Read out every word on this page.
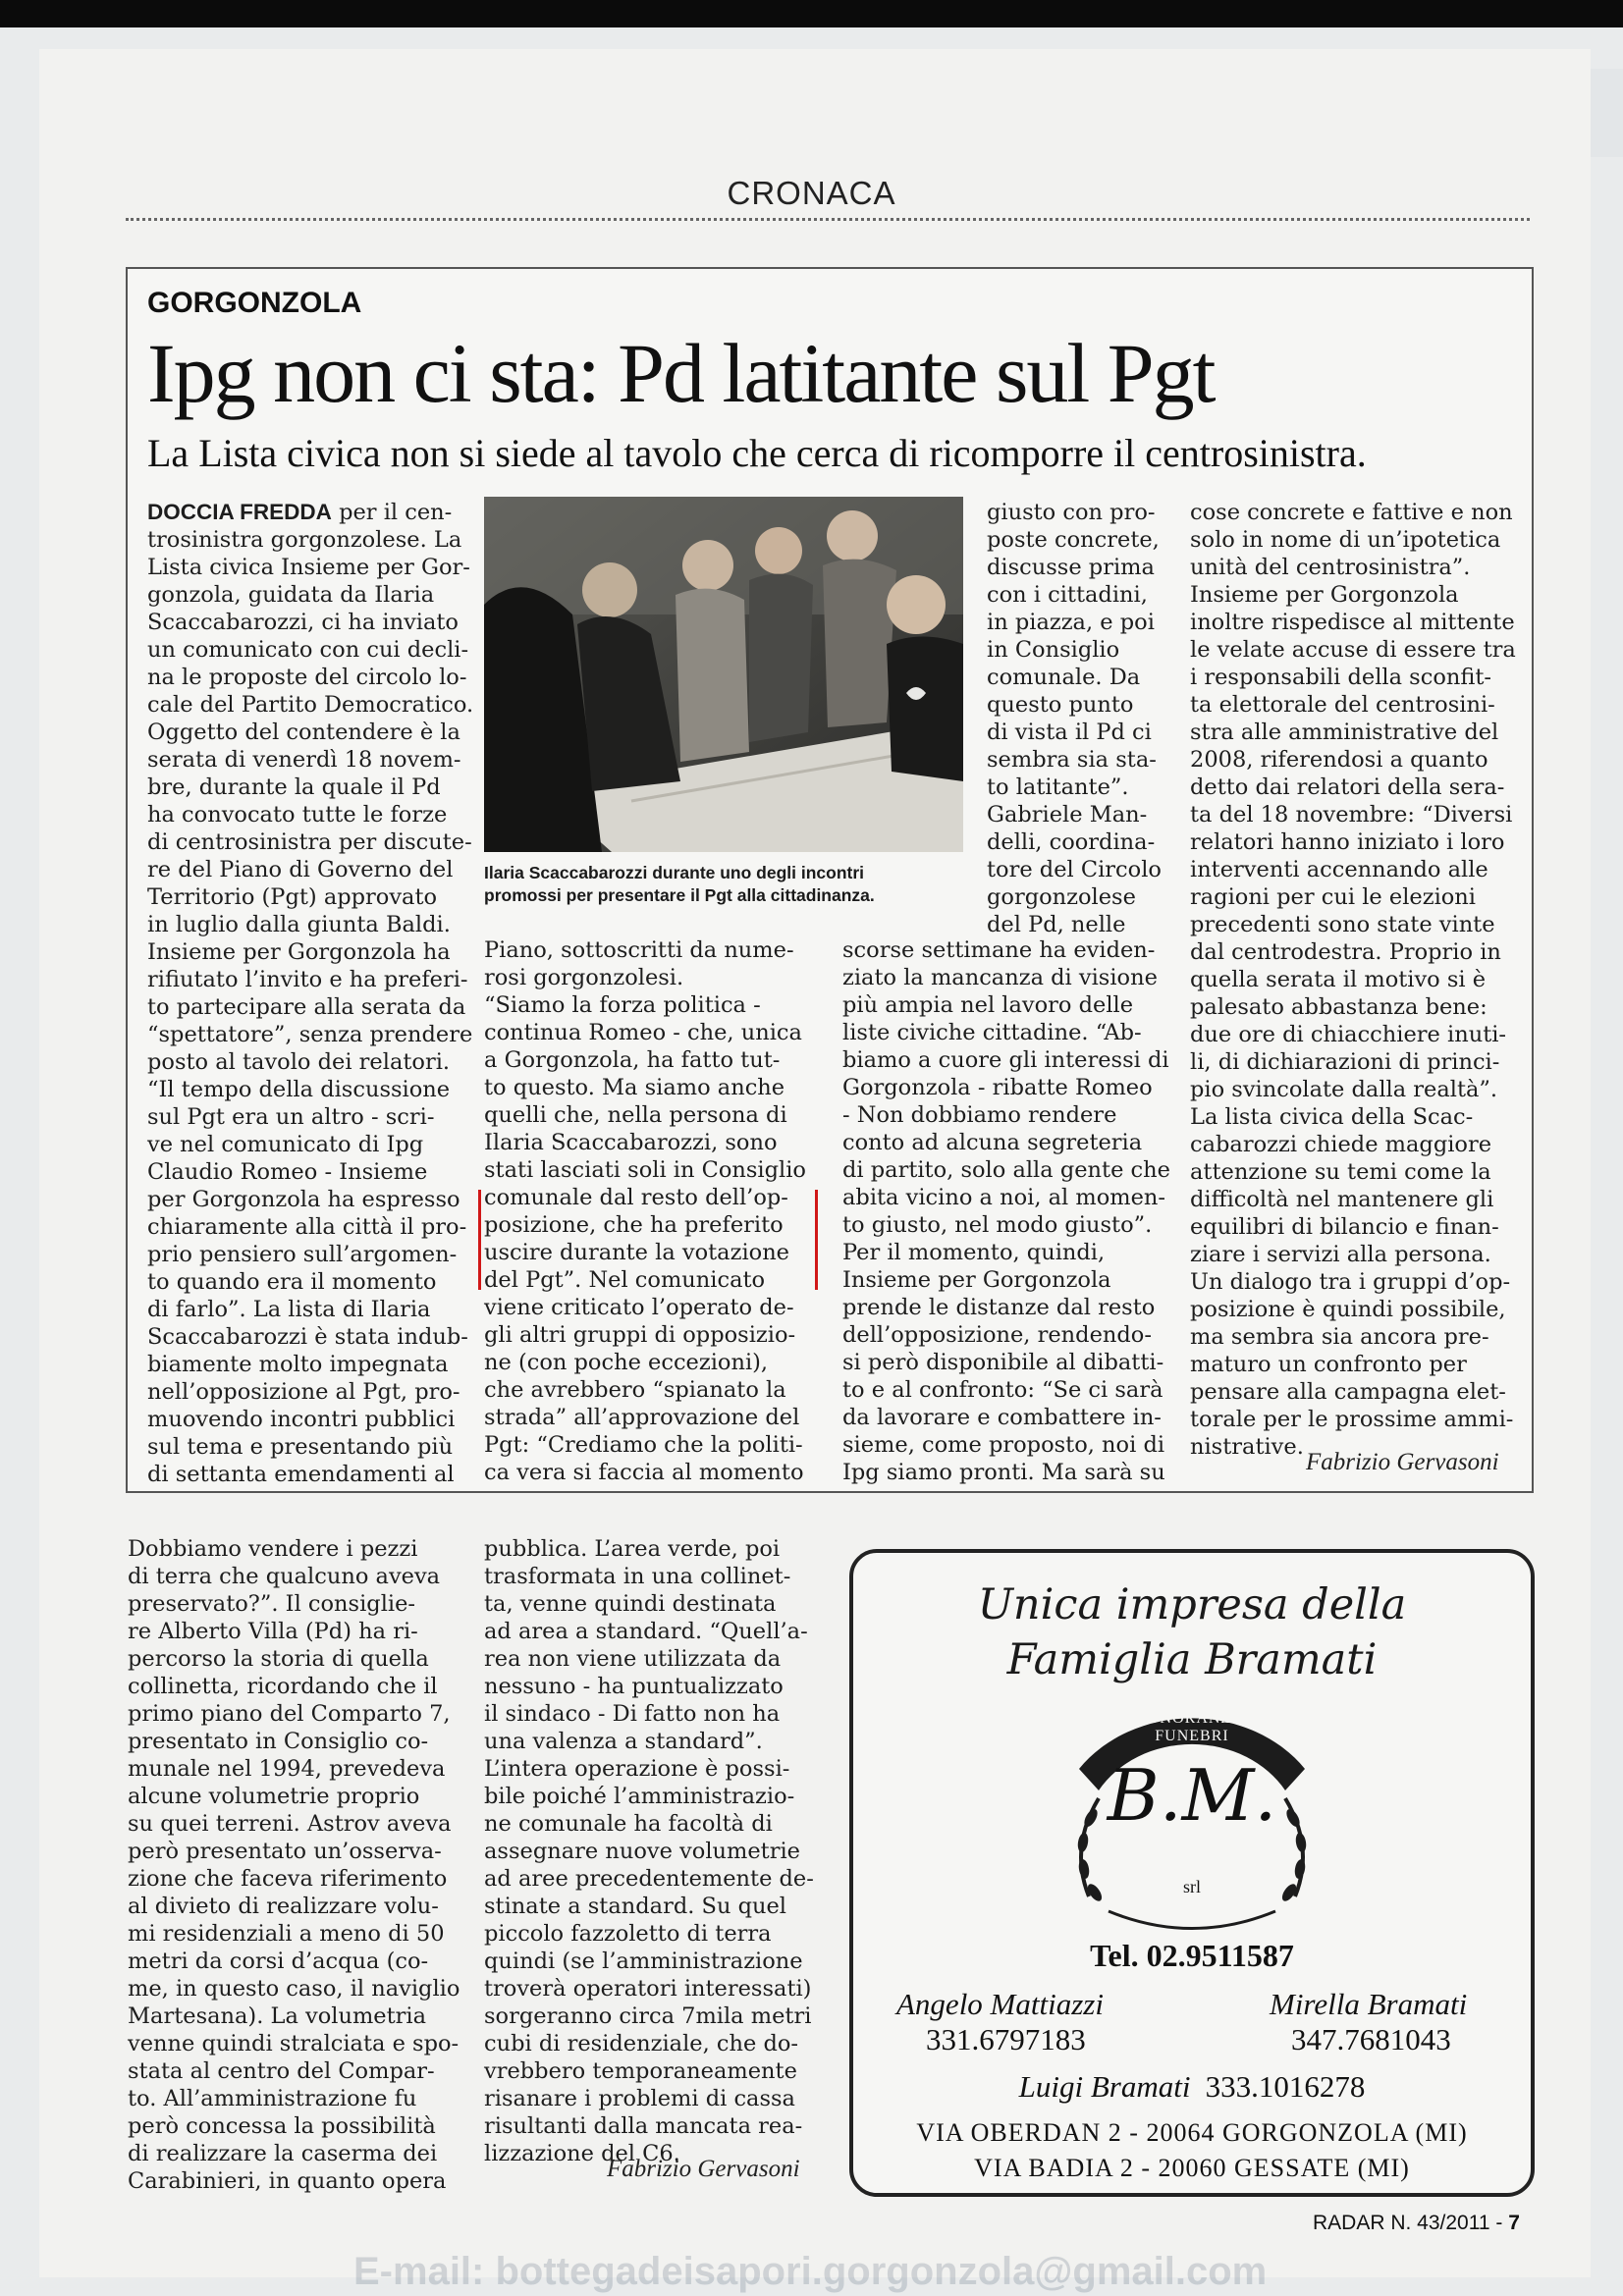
CRONACA
GORGONZOLA
Ipg non ci sta: Pd latitante sul Pgt
La Lista civica non si siede al tavolo che cerca di ricomporre il centrosinistra.
DOCCIA FREDDA per il cen-
trosinistra gorgonzolese. La
Lista civica Insieme per Gor-
gonzola, guidata da Ilaria
Scaccabarozzi, ci ha inviato
un comunicato con cui decli-
na le proposte del circolo lo-
cale del Partito Democratico.
Oggetto del contendere è la
serata di venerdì 18 novem-
bre, durante la quale il Pd
ha convocato tutte le forze
di centrosinistra per discute-
re del Piano di Governo del
Territorio (Pgt) approvato
in luglio dalla giunta Baldi.
Insieme per Gorgonzola ha
rifiutato l’invito e ha preferi-
to partecipare alla serata da
“spettatore”, senza prendere
posto al tavolo dei relatori.
“Il tempo della discussione
sul Pgt era un altro - scri-
ve nel comunicato di Ipg
Claudio Romeo - Insieme
per Gorgonzola ha espresso
chiaramente alla città il pro-
prio pensiero sull’argomen-
to quando era il momento
di farlo”. La lista di Ilaria
Scaccabarozzi è stata indub-
biamente molto impegnata
nell’opposizione al Pgt, pro-
muovendo incontri pubblici
sul tema e presentando più
di settanta emendamenti al
Ilaria Scaccabarozzi durante uno degli incontri
promossi per presentare il Pgt alla cittadinanza.
Piano, sottoscritti da nume-
rosi gorgonzolesi.
“Siamo la forza politica -
continua Romeo - che, unica
a Gorgonzola, ha fatto tut-
to questo. Ma siamo anche
quelli che, nella persona di
Ilaria Scaccabarozzi, sono
stati lasciati soli in Consiglio
comunale dal resto dell’op-
posizione, che ha preferito
uscire durante la votazione
del Pgt”. Nel comunicato
viene criticato l’operato de-
gli altri gruppi di opposizio-
ne (con poche eccezioni),
che avrebbero “spianato la
strada” all’approvazione del
Pgt: “Crediamo che la politi-
ca vera si faccia al momento
giusto con pro-
poste concrete,
discusse prima
con i cittadini,
in piazza, e poi
in Consiglio
comunale. Da
questo punto
di vista il Pd ci
sembra sia sta-
to latitante”.
Gabriele Man-
delli, coordina-
tore del Circolo
gorgonzolese
del Pd, nelle
scorse settimane ha eviden-
ziato la mancanza di visione
più ampia nel lavoro delle
liste civiche cittadine. “Ab-
biamo a cuore gli interessi di
Gorgonzola - ribatte Romeo
- Non dobbiamo rendere
conto ad alcuna segreteria
di partito, solo alla gente che
abita vicino a noi, al momen-
to giusto, nel modo giusto”.
Per il momento, quindi,
Insieme per Gorgonzola
prende le distanze dal resto
dell’opposizione, rendendo-
si però disponibile al dibatti-
to e al confronto: “Se ci sarà
da lavorare e combattere in-
sieme, come proposto, noi di
Ipg siamo pronti. Ma sarà su
cose concrete e fattive e non
solo in nome di un’ipotetica
unità del centrosinistra”.
Insieme per Gorgonzola
inoltre rispedisce al mittente
le velate accuse di essere tra
i responsabili della sconfit-
ta elettorale del centrosini-
stra alle amministrative del
2008, riferendosi a quanto
detto dai relatori della sera-
ta del 18 novembre: “Diversi
relatori hanno iniziato i loro
interventi accennando alle
ragioni per cui le elezioni
precedenti sono state vinte
dal centrodestra. Proprio in
quella serata il motivo si è
palesato abbastanza bene:
due ore di chiacchiere inuti-
li, di dichiarazioni di princi-
pio svincolate dalla realtà”.
La lista civica della Scac-
cabarozzi chiede maggiore
attenzione su temi come la
difficoltà nel mantenere gli
equilibri di bilancio e finan-
ziare i servizi alla persona.
Un dialogo tra i gruppi d’op-
posizione è quindi possibile,
ma sembra sia ancora pre-
maturo un confronto per
pensare alla campagna elet-
torale per le prossime ammi-
nistrative.
Fabrizio Gervasoni
Dobbiamo vendere i pezzi
di terra che qualcuno aveva
preservato?”. Il consiglie-
re Alberto Villa (Pd) ha ri-
percorso la storia di quella
collinetta, ricordando che il
primo piano del Comparto 7,
presentato in Consiglio co-
munale nel 1994, prevedeva
alcune volumetrie proprio
su quei terreni. Astrov aveva
però presentato un’osserva-
zione che faceva riferimento
al divieto di realizzare volu-
mi residenziali a meno di 50
metri da corsi d’acqua (co-
me, in questo caso, il naviglio
Martesana). La volumetria
venne quindi stralciata e spo-
stata al centro del Compar-
to. All’amministrazione fu
però concessa la possibilità
di realizzare la caserma dei
Carabinieri, in quanto opera
pubblica. L’area verde, poi
trasformata in una collinet-
ta, venne quindi destinata
ad area a standard. “Quell’a-
rea non viene utilizzata da
nessuno - ha puntualizzato
il sindaco - Di fatto non ha
una valenza a standard”.
L’intera operazione è possi-
bile poiché l’amministrazio-
ne comunale ha facoltà di
assegnare nuove volumetrie
ad aree precedentemente de-
stinate a standard. Su quel
piccolo fazzoletto di terra
quindi (se l’amministrazione
troverà operatori interessati)
sorgeranno circa 7mila metri
cubi di residenziale, che do-
vrebbero temporaneamente
risanare i problemi di cassa
risultanti dalla mancata rea-
lizzazione del C6.
Fabrizio Gervasoni
Unica impresa della
Famiglia Bramati
ONORANZE FUNEBRI
B.M.
srl
Tel. 02.9511587
Angelo Mattiazzi
331.6797183
Mirella Bramati
347.7681043
Luigi Bramati 333.1016278
VIA OBERDAN 2 - 20064 GORGONZOLA (MI)
VIA BADIA 2 - 20060 GESSATE (MI)
RADAR N. 43/2011 - 7
E-mail: bottegadeisapori.gorgonzola@gmail.com
